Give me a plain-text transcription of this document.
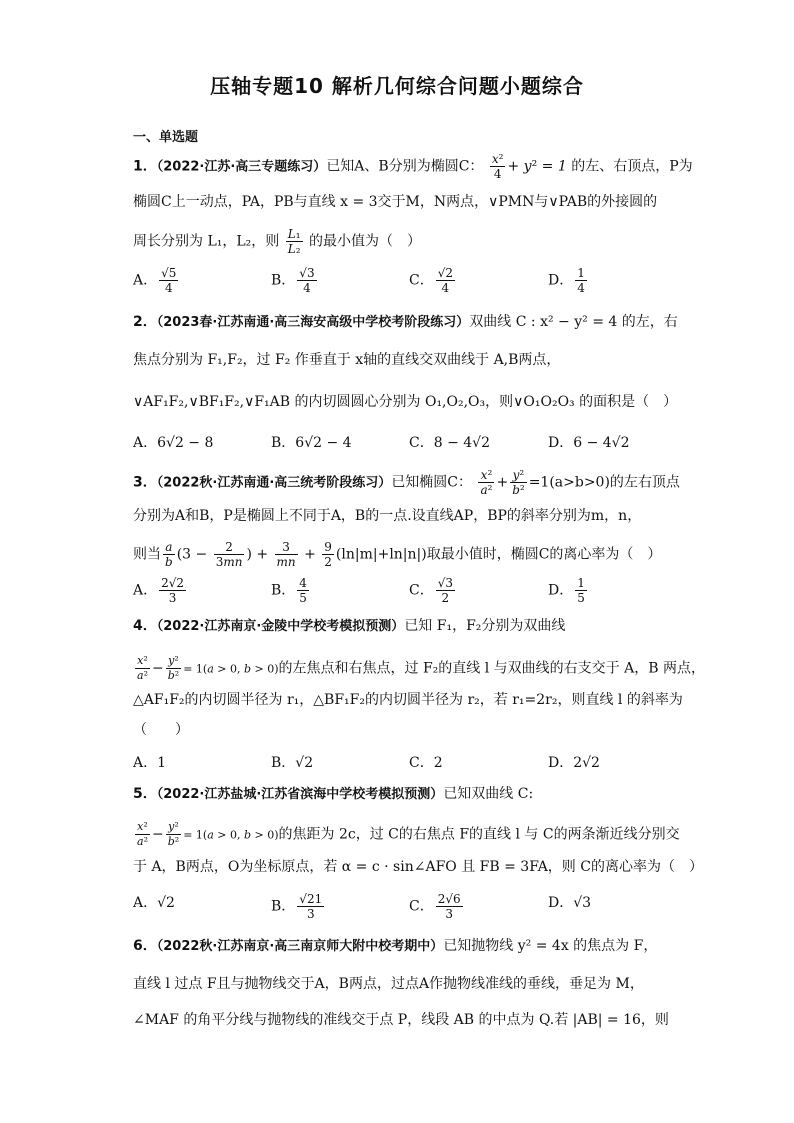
压轴专题10 解析几何综合问题小题综合
一、单选题
1．（2022·江苏·高三专题练习）已知A、B分别为椭圆C： $\frac{\text{x²}}{4} + y^2 = 1$ 的左、右顶点，P为
椭圆C上一动点，PA，PB与直线 x = 3交于M，N两点，∨PMN与∨PAB的外接圆的
周长分别为 L₁，L₂，则 $\frac{\text{L₁}}{\text{L₂}}$ 的最小值为（　）
A． $\frac{√5}{4}$	B． $\frac{√3}{4}$	C． $\frac{√2}{4}$	D． $\frac{1}{4}$
2．（2023春·江苏南通·高三海安高级中学校考阶段练习）双曲线 C : x² − y² = 4 的左，右
焦点分别为 F₁,F₂，过 F₂ 作垂直于 x轴的直线交双曲线于 A,B两点，
∨AF₁F₂,∨BF₁F₂,∨F₁AB 的内切圆圆心分别为 O₁,O₂,O₃，则∨O₁O₂O₃ 的面积是（　）
A．6√2 − 8	B．6√2 − 4	C．8 − 4√2	D．6 − 4√2
3．（2022秋·江苏南通·高三统考阶段练习）已知椭圆C： $\frac{\text{x²}}{\text{a²}} + \frac{\text{y²}}{\text{b²}} =1(a>b>0)$的左右顶点
分别为A和B，P是椭圆上不同于A，B的一点.设直线AP，BP的斜率分别为m，n，
则当 $\frac{a}{b} (3 - \frac{2}{3mn}$ ) + $\frac{3}{mn} + \frac{9}{2} (\ln|m|+\ln|n|)$取最小值时，椭圆C的离心率为（　）
A． $\frac{2√2}{3}$	B． $\frac{4}{5}$	C． $\frac{√3}{2}$	D． $\frac{1}{5}$
4．（2022·江苏南京·金陵中学校考模拟预测）已知 F₁，F₂分别为双曲线
$\frac{\text{x²}}{\text{a²}} - \frac{\text{y²}}{\text{b²}} = 1(a > 0$, b > 0)的左焦点和右焦点，过 F₂的直线 l 与双曲线的右支交于 A，B 两点，
△AF₁F₂的内切圆半径为 r₁，△BF₁F₂的内切圆半径为 r₂，若 r₁=2r₂，则直线 l 的斜率为
（　　）
A．1	B．√2	C．2	D．2√2
5．（2022·江苏盐城·江苏省滨海中学校考模拟预测）已知双曲线 C:
$\frac{\text{x²}}{\text{a²}} - \frac{\text{y²}}{\text{b²}} = 1(a > 0$, b > 0)的焦距为 2c，过 C的右焦点 F的直线 l 与 C的两条渐近线分别交
于 A，B两点，O为坐标原点，若 α = c · sin∠AFO 且 FB = 3FA，则 C的离心率为（　）
A．√2	B． $\frac{√21}{3}$	C． $\frac{2√6}{3}$	D．√3
6．（2022秋·江苏南京·高三南京师大附中校考期中）已知抛物线 y² = 4x 的焦点为 F，
直线 l 过点 F且与抛物线交于A，B两点，过点A作抛物线准线的垂线，垂足为 M，
∠MAF 的角平分线与抛物线的准线交于点 P，线段 AB 的中点为 Q.若 |AB| = 16，则
